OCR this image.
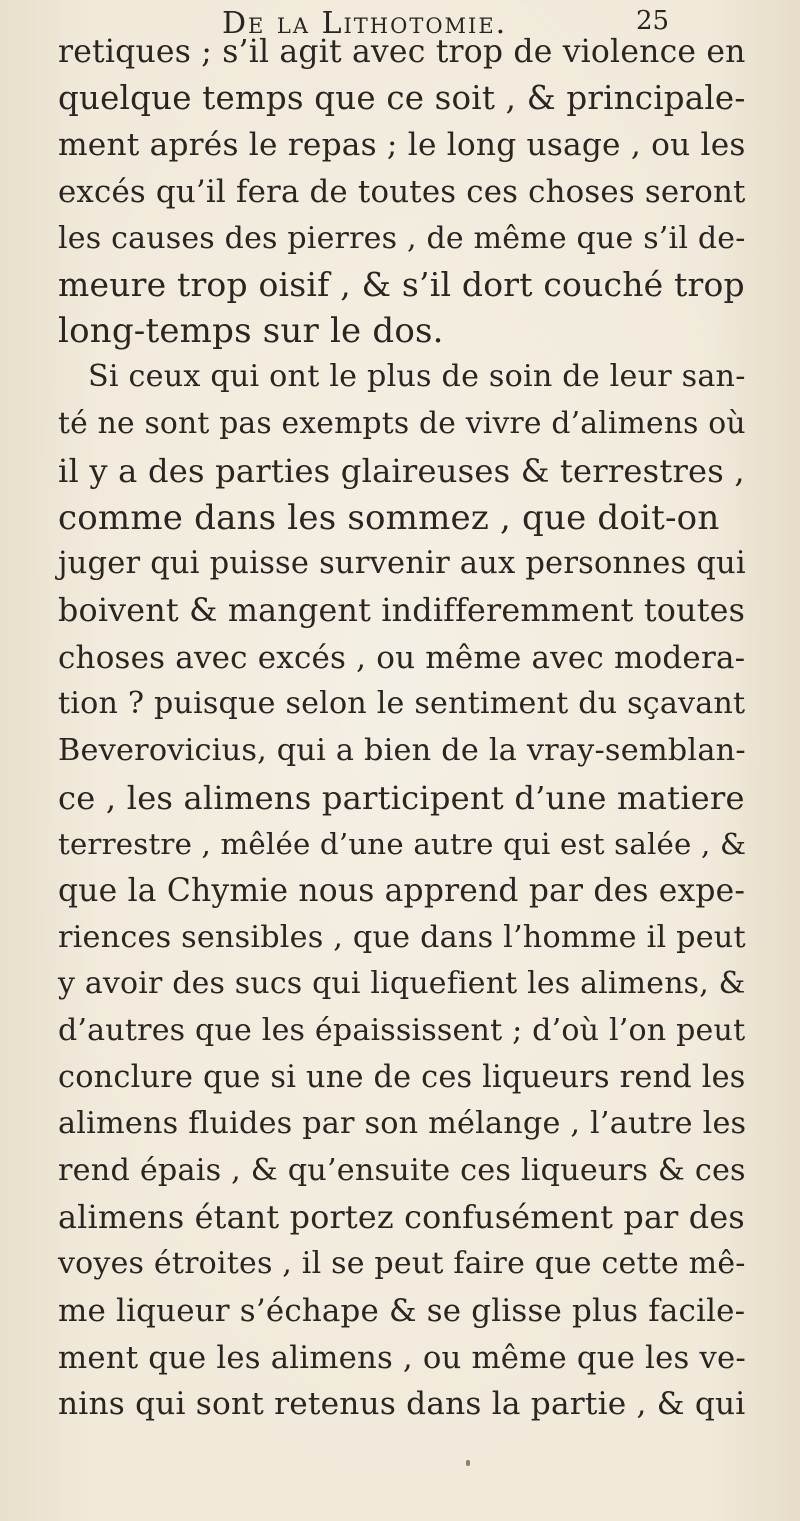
De la Lithotomie.	25
retiques ; s’il agit avec trop de violence en
quelque temps que ce soit , & principale-
ment aprés le repas ; le long usage , ou les
excés qu’il fera de toutes ces choses seront
les causes des pierres , de même que s’il de-
meure trop oisif , & s’il dort couché trop
long-temps sur le dos.
Si ceux qui ont le plus de soin de leur san-
té ne sont pas exempts de vivre d’alimens où
il y a des parties glaireuses & terrestres ,
comme dans les sommez , que doit-on
juger qui puisse survenir aux personnes qui
boivent & mangent indifferemment toutes
choses avec excés , ou même avec modera-
tion ? puisque selon le sentiment du sçavant
Beverovicius, qui a bien de la vray-semblan-
ce , les alimens participent d’une matiere
terrestre , mêlée d’une autre qui est salée , &
que la Chymie nous apprend par des expe-
riences sensibles , que dans l’homme il peut
y avoir des sucs qui liquefient les alimens, &
d’autres que les épaississent ; d’où l’on peut
conclure que si une de ces liqueurs rend les
alimens fluides par son mélange , l’autre les
rend épais , & qu’ensuite ces liqueurs & ces
alimens étant portez confusément par des
voyes étroites , il se peut faire que cette mê-
me liqueur s’échape & se glisse plus facile-
ment que les alimens , ou même que les ve-
nins qui sont retenus dans la partie , & qui
